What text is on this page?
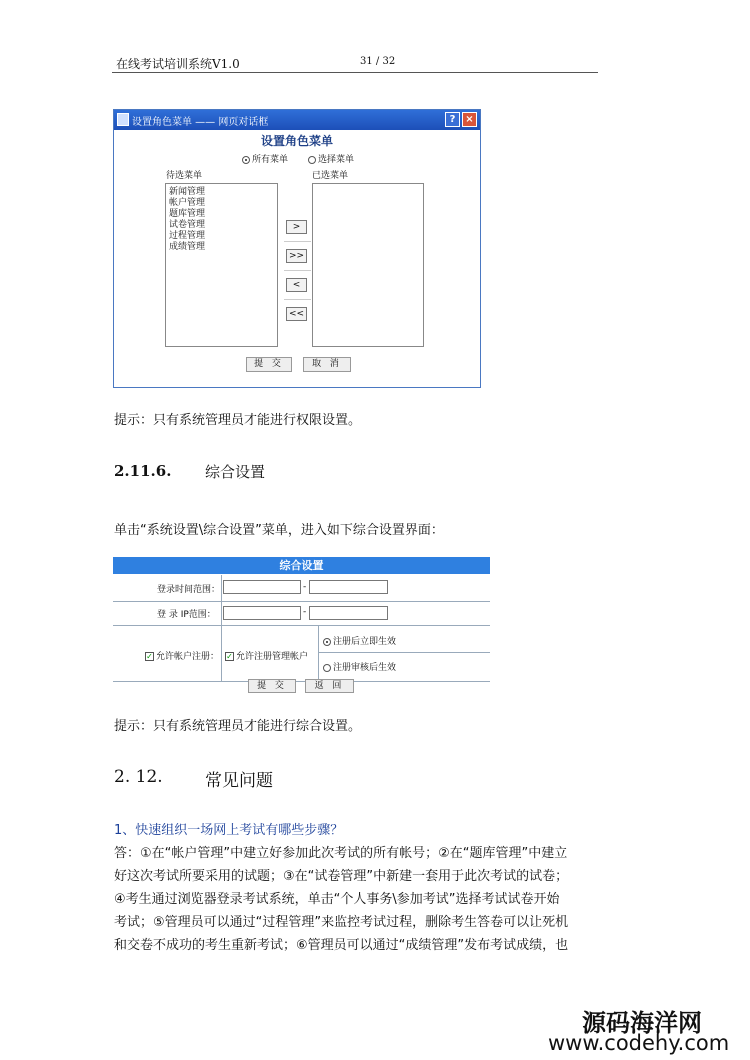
在线考试培训系统V1.0	31 / 32
设置角色菜单 —— 网页对话框	? ×
设置角色菜单
所有菜单	选择菜单
待选菜单	已选菜单
新闻管理
帐户管理
题库管理
试卷管理
过程管理
成绩管理
>
>>
<
<<
提 交	取 消
提示：只有系统管理员才能进行权限设置。
2.11.6. 综合设置
单击“系统设置\综合设置”菜单，进入如下综合设置界面：
综合设置
登录时间范围：	-
登 录 IP范围：	-
✓ 允许帐户注册： ✓ 允许注册管理帐户
注册后立即生效
注册审核后生效
提 交	返 回
提示：只有系统管理员才能进行综合设置。
2. 12. 常见问题
1、快速组织一场网上考试有哪些步骤？
答：①在“帐户管理”中建立好参加此次考试的所有帐号；②在“题库管理”中建立
好这次考试所要采用的试题；③在“试卷管理”中新建一套用于此次考试的试卷；
④考生通过浏览器登录考试系统，单击“个人事务\参加考试”选择考试试卷开始
考试；⑤管理员可以通过“过程管理”来监控考试过程，删除考生答卷可以让死机
和交卷不成功的考生重新考试；⑥管理员可以通过“成绩管理”发布考试成绩，也
源码海洋网
www.codehy.com
